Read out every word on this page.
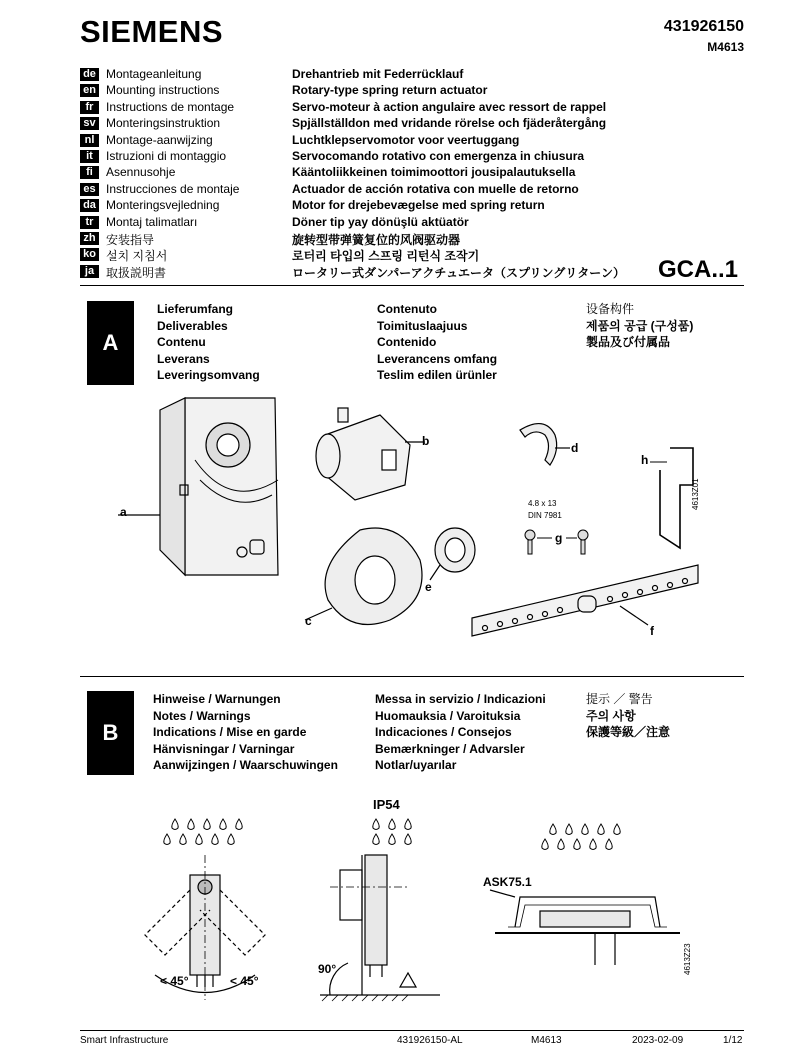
SIEMENS	431926150
M4613
de Montageanleitung	Drehantrieb mit Federrücklauf
en Mounting instructions	Rotary-type spring return actuator
fr	Instructions de montage	Servo-moteur à action angulaire avec ressort de rappel
sv Monteringsinstruktion	Spjällställdon med vridande rörelse och fjäderåtergång
nl Montage-aanwijzing	Luchtklepservomotor voor veertuggang
it	Istruzioni di montaggio	Servocomando rotativo con emergenza in chiusura
fi	Asennusohje	Kääntoliikkeinen toimimoottori jousipalautuksella
es Instrucciones de montaje	Actuador de acción rotativa con muelle de retorno
da Monteringsvejledning	Motor for drejebevægelse med spring return
tr	Montaj talimatları	Döner tip yay dönüşlü aktüatör
zh 安装指导	旋转型带弹簧复位的风阀驱动器
ko 설치 지침서	로터리 타입의 스프링 리턴식 조작기
ja 取扱説明書	ロータリー式ダンパーアクチュエータ（スプリングリターン） GCA..1
A
Lieferumfang
Deliverables
Contenu
Leverans
Leveringsomvang
Contenuto
Toimituslaajuus
Contenido
Leverancens omfang
Teslim edilen ürünler
设备构件
제품의 공급 (구성품)
製品及び付属品
a
b
c
d
e
4.8 x 13
DIN 7981
g
h
4613Z01
f
B
Hinweise / Warnungen
Notes / Warnings
Indications / Mise en garde
Hänvisningar / Varningar
Aanwijzingen / Waarschuwingen
Messa in servizio / Indicazioni
Huomauksia / Varoituksia
Indicaciones / Consejos
Bemærkninger / Advarsler
Notlar/uyarılar
提示 ／ 警告
주의 사항
保護等級／注意
IP54
< 45°	< 45°
90°
ASK75.1
4613Z23
Smart Infrastructure	431926150-AL	M4613	2023-02-09	1/12
